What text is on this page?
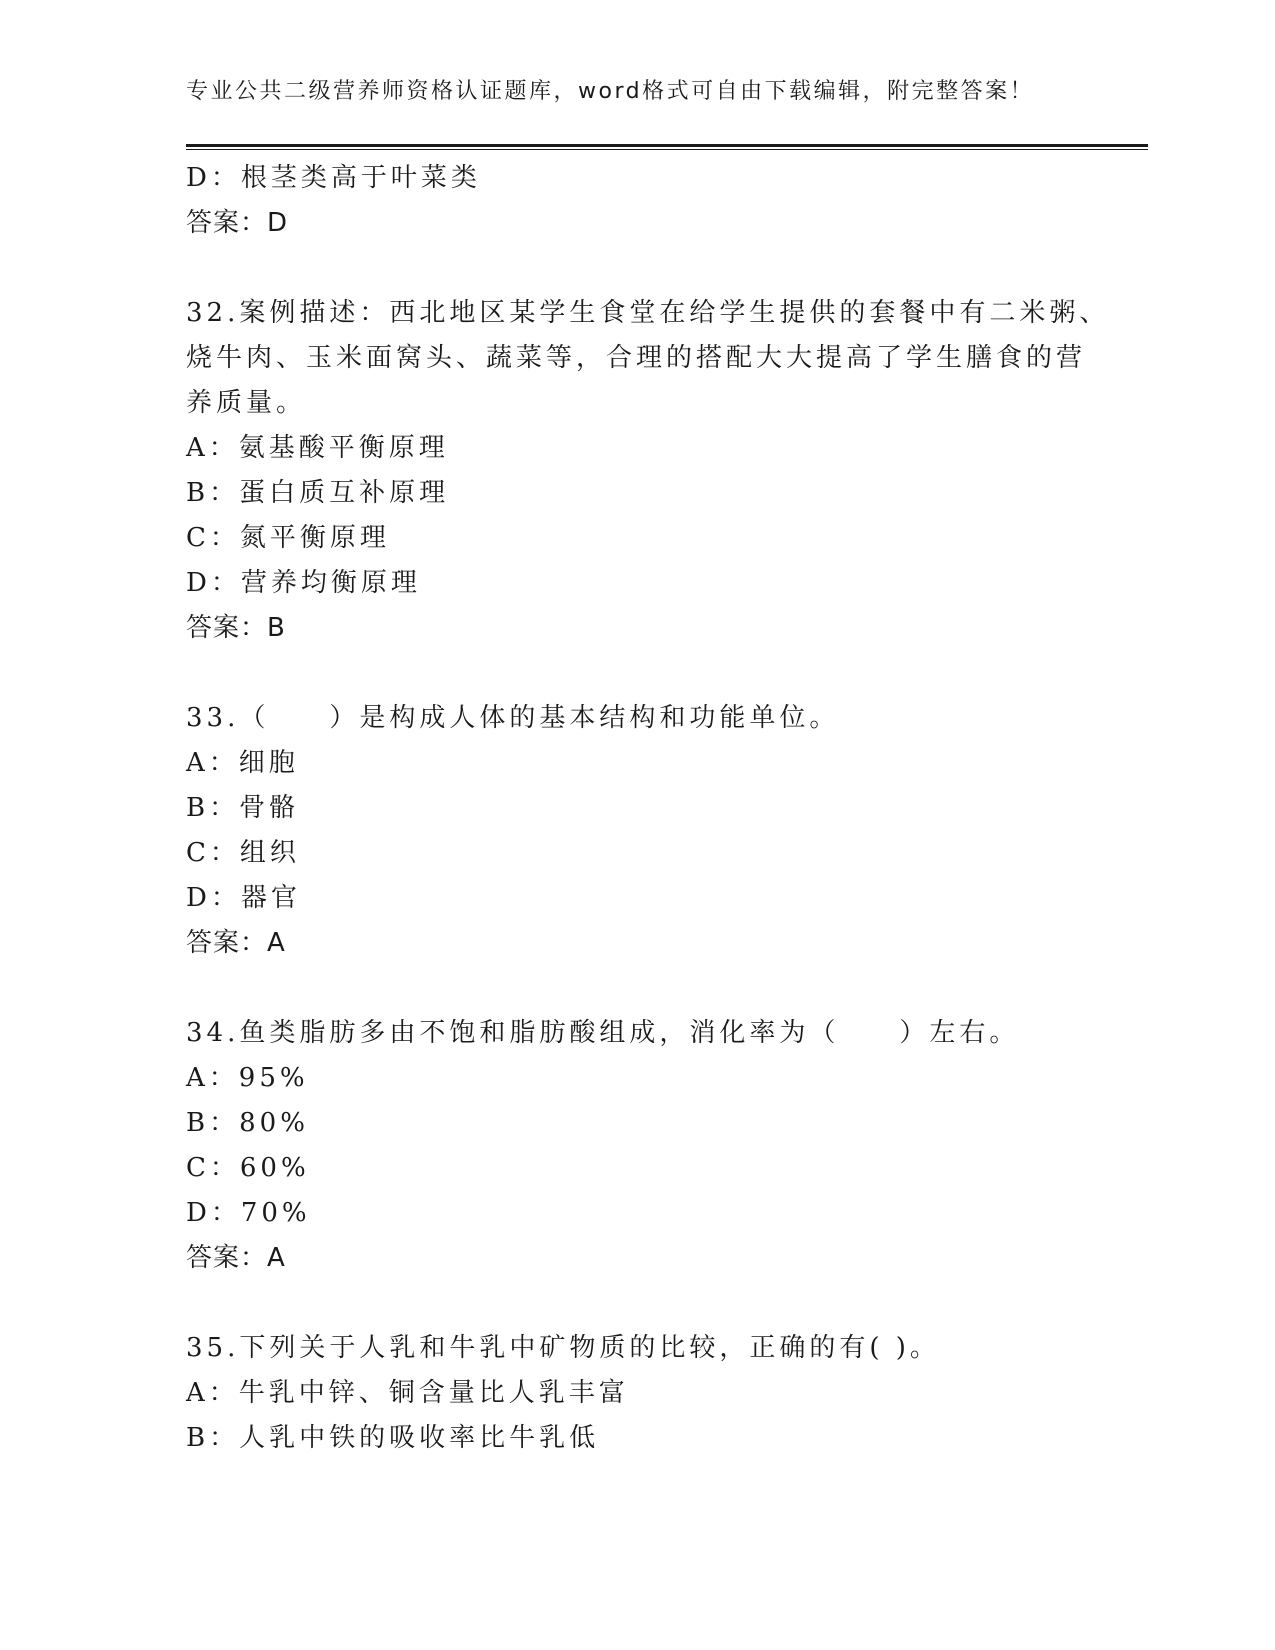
专业公共二级营养师资格认证题库，word格式可自由下载编辑，附完整答案！
D：根茎类高于叶菜类
答案：D
32.案例描述：西北地区某学生食堂在给学生提供的套餐中有二米粥、
烧牛肉、玉米面窝头、蔬菜等，合理的搭配大大提高了学生膳食的营
养质量。
A：氨基酸平衡原理
B：蛋白质互补原理
C：氮平衡原理
D：营养均衡原理
答案：B
33.（　　）是构成人体的基本结构和功能单位。
A：细胞
B：骨骼
C：组织
D：器官
答案：A
34.鱼类脂肪多由不饱和脂肪酸组成，消化率为（　　）左右。
A：95%
B：80%
C：60%
D：70%
答案：A
35.下列关于人乳和牛乳中矿物质的比较，正确的有( )。
A：牛乳中锌、铜含量比人乳丰富
B：人乳中铁的吸收率比牛乳低
